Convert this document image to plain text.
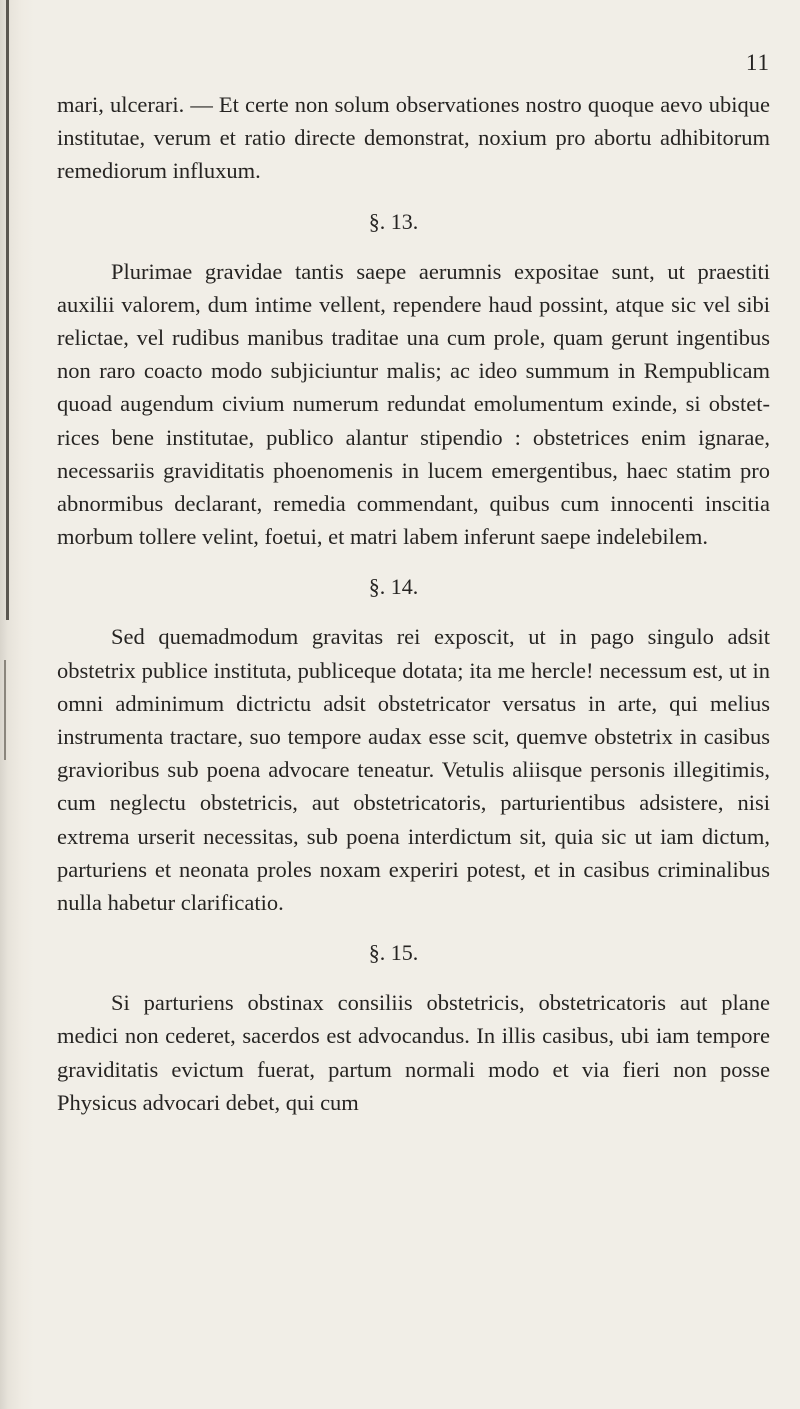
11

mari, ulcerari. — Et certe non solum observationes nostro quoque aevo ubique institutae, verum et ratio directe demonstrat, noxium pro abortu adhibitorum remediorum influxum.

§. 13.

Plurimae gravidae tantis saepe aerumnis expositae sunt, ut praestiti auxilii valorem, dum intime vellent, rependere haud possint, atque sic vel sibi relictae, vel rudibus manibus traditae una cum prole, quam gerunt ingentibus non raro coacto modo subjiciuntur malis; ac ideo summum in Rempublicam quoad augendum civium numerum redundat emolumentum exinde, si obstetrices bene institutae, publico alantur stipendio : obstetrices enim ignarae, necessariis graviditatis phoenomenis in lucem emergentibus, haec statim pro abnormibus declarant, remedia commendant, quibus cum innocenti inscitia morbum tollere velint, foetui, et matri labem inferunt saepe indelebilem.

§. 14.

Sed quemadmodum gravitas rei exposcit, ut in pago singulo adsit obstetrix publice instituta, publiceque dotata; ita me hercle! necessum est, ut in omni adminimum dictrictu adsit obstetricator versatus in arte, qui melius instrumenta tractare, suo tempore audax esse scit, quemve obstetrix in casibus gravioribus sub poena advocare teneatur. Vetulis aliisque personis illegitimis, cum neglectu obstetricis, aut obstetricatoris, parturientibus adsistere, nisi extrema urserit necessitas, sub poena interdictum sit, quia sic ut iam dictum, parturiens et neonata proles noxam experiri potest, et in casibus criminalibus nulla habetur clarificatio.

§. 15.

Si parturiens obstinax consiliis obstetricis, obstetricatoris aut plane medici non cederet, sacerdos est advocandus. In illis casibus, ubi iam tempore graviditatis evictum fuerat, partum normali modo et via fieri non posse Physicus advocari debet, qui cum
